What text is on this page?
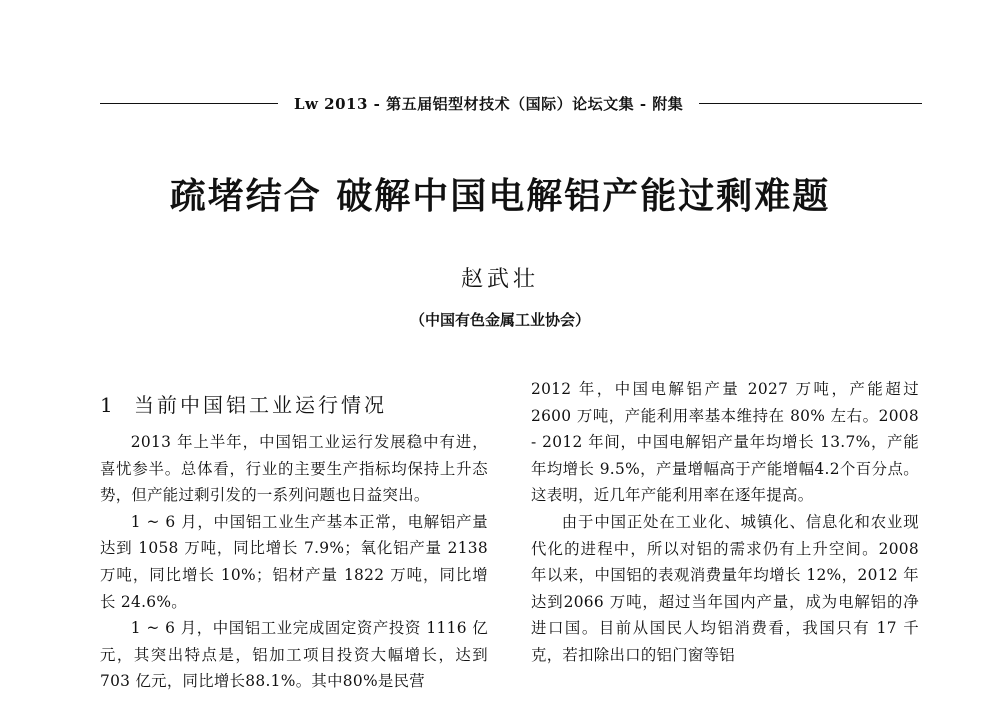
Lw 2013 - 第五届铝型材技术（国际）论坛文集 - 附集
疏堵结合 破解中国电解铝产能过剩难题
赵武壮
（中国有色金属工业协会）
1 当前中国铝工业运行情况

2013 年上半年，中国铝工业运行发展稳中有进，喜忧参半。总体看，行业的主要生产指标均保持上升态势，但产能过剩引发的一系列问题也日益突出。

1 ~ 6 月，中国铝工业生产基本正常，电解铝产量达到 1058 万吨，同比增长 7.9%；氧化铝产量 2138 万吨，同比增长 10%；铝材产量 1822 万吨，同比增长 24.6%。

1 ~ 6 月，中国铝工业完成固定资产投资 1116 亿元，其突出特点是，铝加工项目投资大幅增长，达到703 亿元，同比增长88.1%。其中80%是民营

2012 年，中国电解铝产量 2027 万吨，产能超过 2600 万吨，产能利用率基本维持在 80% 左右。2008 - 2012 年间，中国电解铝产量年均增长 13.7%，产能年均增长 9.5%，产量增幅高于产能增幅4.2个百分点。这表明，近几年产能利用率在逐年提高。

由于中国正处在工业化、城镇化、信息化和农业现代化的进程中，所以对铝的需求仍有上升空间。2008 年以来，中国铝的表观消费量年均增长 12%，2012 年达到2066 万吨，超过当年国内产量，成为电解铝的净进口国。目前从国民人均铝消费看，我国只有 17 千克，若扣除出口的铝门窗等铝
